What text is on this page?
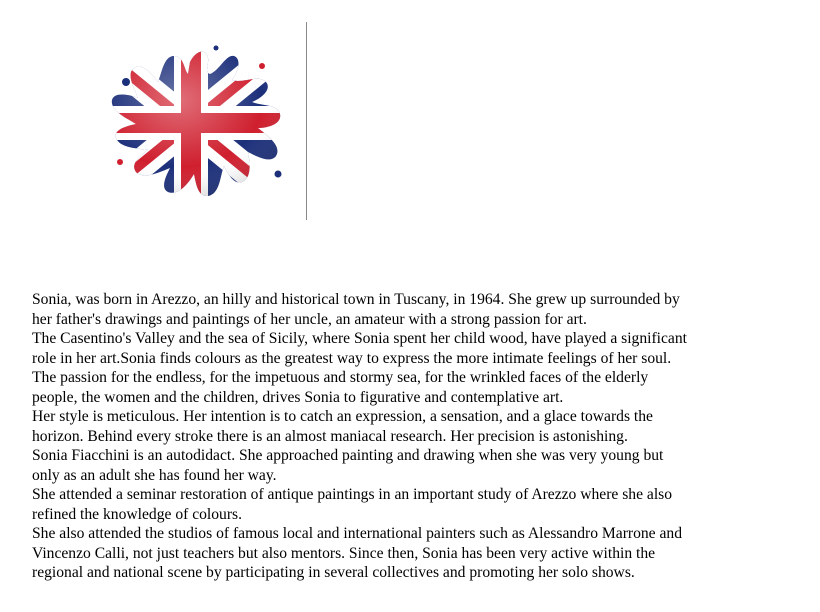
Sonia, was born in Arezzo, an hilly and historical town in Tuscany, in 1964. She grew up surrounded by

her father's drawings and paintings of her uncle, an amateur with a strong passion for art.

The Casentino's Valley and the sea of Sicily, where Sonia spent her child wood, have played a significant

role in her art.Sonia finds colours as the greatest way to express the more intimate feelings of her soul.

The passion for the endless, for the impetuous and stormy sea, for the wrinkled faces of the elderly

people, the women and the children, drives Sonia to figurative and contemplative art.

Her style is meticulous. Her intention is to catch an expression, a sensation, and a glace towards the

horizon. Behind every stroke there is an almost maniacal research. Her precision is astonishing.

Sonia Fiacchini is an autodidact. She approached painting and drawing when she was very young but

only as an adult she has found her way.

She attended a seminar restoration of antique paintings in an important study of Arezzo where she also

refined the knowledge of colours.

She also attended the studios of famous local and international painters such as Alessandro Marrone and

Vincenzo Calli, not just teachers but also mentors. Since then, Sonia has been very active within the

regional and national scene by participating in several collectives and promoting her solo shows.
